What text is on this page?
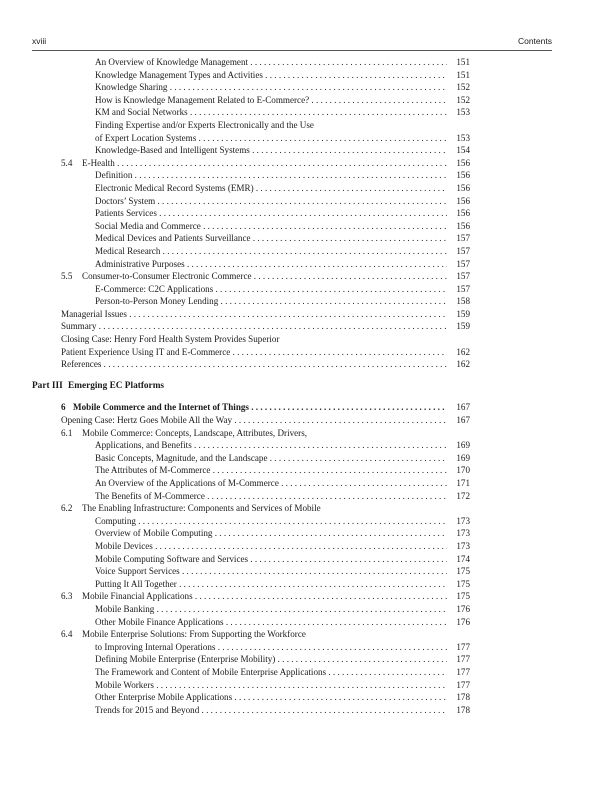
xviii	Contents
An Overview of Knowledge Management . . .	151
Knowledge Management Types and Activities . . .	151
Knowledge Sharing . . .	152
How is Knowledge Management Related to E-Commerce? . . .	152
KM and Social Networks . . .	153
Finding Expertise and/or Experts Electronically and the Use
of Expert Location Systems . . .	153
Knowledge-Based and Intelligent Systems . . .	154
5.4 E-Health . . .	156
Definition . . .	156
Electronic Medical Record Systems (EMR) . . .	156
Doctors’ System . . .	156
Patients Services . . .	156
Social Media and Commerce . . .	156
Medical Devices and Patients Surveillance . . .	157
Medical Research . . .	157
Administrative Purposes . . .	157
5.5 Consumer-to-Consumer Electronic Commerce . . .	157
E-Commerce: C2C Applications . . .	157
Person-to-Person Money Lending . . .	158
Managerial Issues . . .	159
Summary . . .	159
Closing Case: Henry Ford Health System Provides Superior
Patient Experience Using IT and E-Commerce . . .	162
References . . .	162
Part III Emerging EC Platforms
6 Mobile Commerce and the Internet of Things . . .	167
Opening Case: Hertz Goes Mobile All the Way . . .	167
6.1 Mobile Commerce: Concepts, Landscape, Attributes, Drivers,
Applications, and Benefits . . .	169
Basic Concepts, Magnitude, and the Landscape . . .	169
The Attributes of M-Commerce . . .	170
An Overview of the Applications of M-Commerce . . .	171
The Benefits of M-Commerce . . .	172
6.2 The Enabling Infrastructure: Components and Services of Mobile
Computing . . .	173
Overview of Mobile Computing . . .	173
Mobile Devices . . .	173
Mobile Computing Software and Services . . .	174
Voice Support Services . . .	175
Putting It All Together . . .	175
6.3 Mobile Financial Applications . . .	175
Mobile Banking . . .	176
Other Mobile Finance Applications . . .	176
6.4 Mobile Enterprise Solutions: From Supporting the Workforce
to Improving Internal Operations . . .	177
Defining Mobile Enterprise (Enterprise Mobility) . . .	177
The Framework and Content of Mobile Enterprise Applications . . .	177
Mobile Workers . . .	177
Other Enterprise Mobile Applications . . .	178
Trends for 2015 and Beyond . . .	178
